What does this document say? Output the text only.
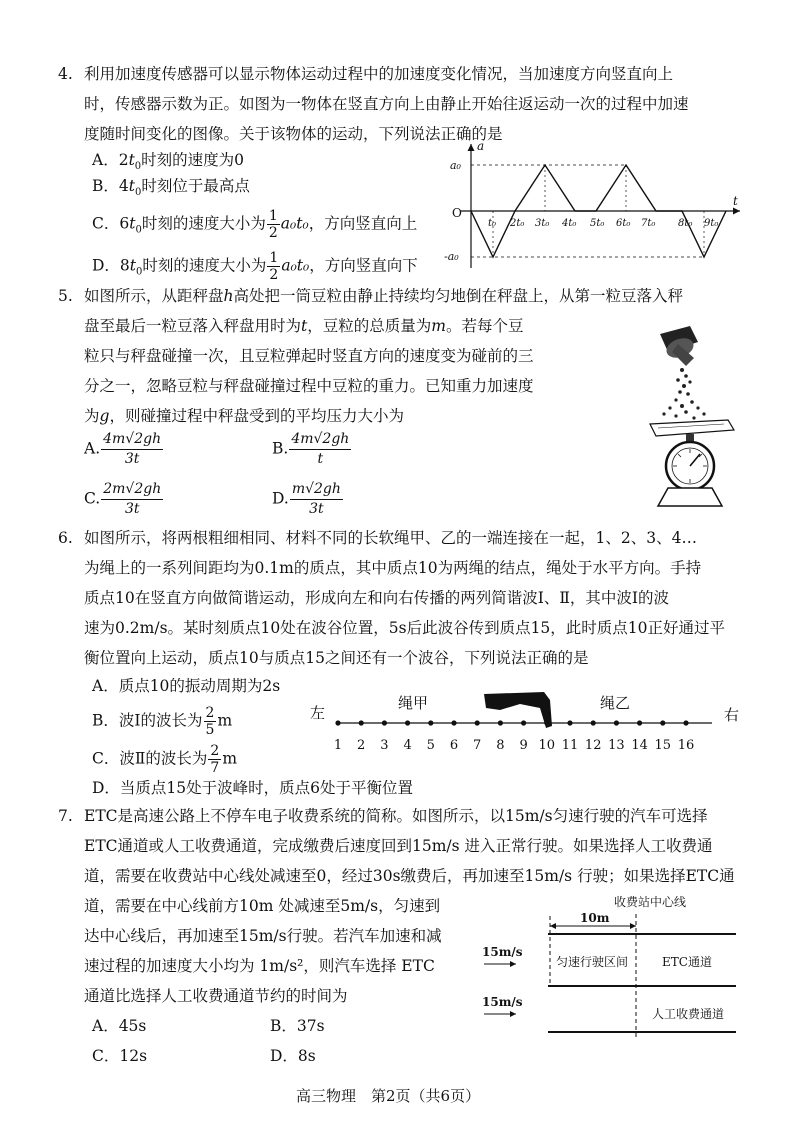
4. 利用加速度传感器可以显示物体运动过程中的加速度变化情况，当加速度方向竖直向上
时，传感器示数为正。如图为一物体在竖直方向上由静止开始往返运动一次的过程中加速
度随时间变化的图像。关于该物体的运动，下列说法正确的是
A．$2t_0$时刻的速度为0
B．$4t_0$时刻位于最高点
C．$6t_0$时刻的速度大小为 $\frac{1}{2} a_0t_0$，方向竖直向上
D．$8t_0$时刻的速度大小为 $\frac{1}{2} a_0t_0$，方向竖直向下
a
t
O
a₀
-a₀
t₀ 2t₀ 3t₀ 4t₀ 5t₀ 6t₀ 7t₀ 8t₀ 9t₀
5. 如图所示，从距秤盘h高处把一筒豆粒由静止持续均匀地倒在秤盘上，从第一粒豆落入秤
盘至最后一粒豆落入秤盘用时为t，豆粒的总质量为m。若每个豆
粒只与秤盘碰撞一次，且豆粒弹起时竖直方向的速度变为碰前的三
分之一，忽略豆粒与秤盘碰撞过程中豆粒的重力。已知重力加速度
为g，则碰撞过程中秤盘受到的平均压力大小为
A. $\frac{4m√2gh}{3t}$	B. $\frac{4m√2gh}{t}$
C. $\frac{2m√2gh}{3t}$	D. $\frac{m√2gh}{3t}$
6. 如图所示，将两根粗细相同、材料不同的长软绳甲、乙的一端连接在一起，1、2、3、4…
为绳上的一系列间距均为0.1m的质点，其中质点10为两绳的结点，绳处于水平方向。手持
质点10在竖直方向做简谐运动，形成向左和向右传播的两列简谐波Ⅰ、Ⅱ，其中波Ⅰ的波
速为0.2m/s。某时刻质点10处在波谷位置，5s后此波谷传到质点15，此时质点10正好通过平
衡位置向上运动，质点10与质点15之间还有一个波谷，下列说法正确的是
A．质点10的振动周期为2s
B．波Ⅰ的波长为 $\frac{2}{5}$ m
C．波Ⅱ的波长为 $\frac{2}{7}$ m
D．当质点15处于波峰时，质点6处于平衡位置
左	右
绳甲	绳乙
1 2 3 4 5 6 7 8 9 10 11 12 13 14 15 16
7. ETC是高速公路上不停车电子收费系统的简称。如图所示，以15m/s匀速行驶的汽车可选择
ETC通道或人工收费通道，完成缴费后速度回到15m/s 进入正常行驶。如果选择人工收费通
道，需要在收费站中心线处减速至0，经过30s缴费后，再加速至15m/s 行驶；如果选择ETC通
道，需要在中心线前方10m 处减速至5m/s，匀速到
达中心线后，再加速至15m/s行驶。若汽车加速和减
速过程的加速度大小均为 1m/s²，则汽车选择 ETC
通道比选择人工收费通道节约的时间为
A．45s	B．37s
C．12s	D．8s
收费站中心线
10m
15m/s
15m/s
匀速行驶区间	ETC通道
人工收费通道
高三物理　第2页（共6页）
